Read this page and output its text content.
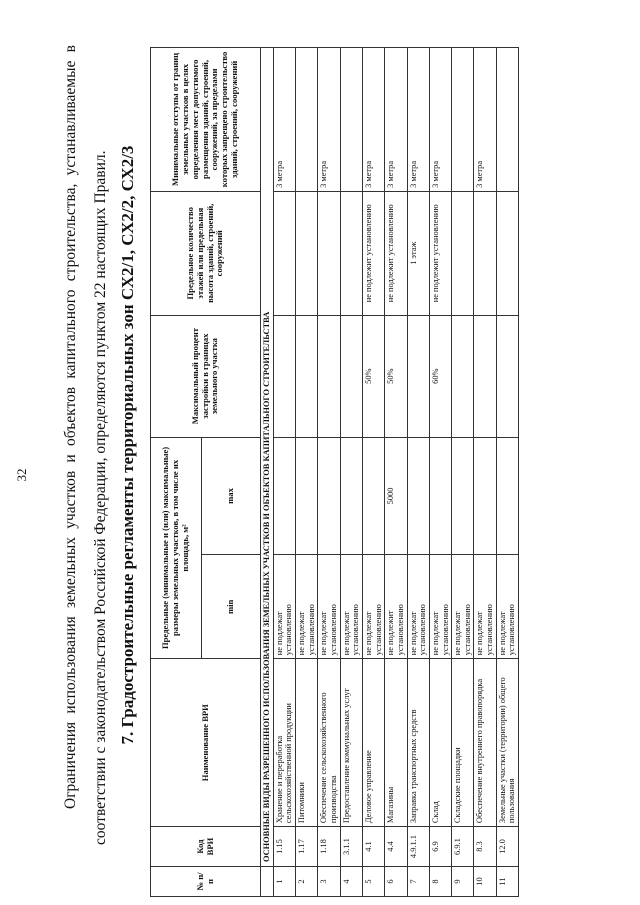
32	Ограничения использования земельных участков и объектов капитального строительства, устанавливаемые в соответствии с законодательством Российской Федерации, определяются пунктом 22 настоящих Правил. 7. Градостроительные регламенты территориальных зон СХ2/1, СХ2/2, СХ2/3
№ п/п	Код ВРИ	Наименование ВРИ	Предельные (минимальные и (или) максимальные) размеры земельных участков, в том числе их площадь, м²		Максимальный процент застройки в границах земельного участка	Предельное количество этажей или предельная высота зданий, строений, сооружений	Минимальные отступы от границ земельных участков в целях определения мест допустимого размещения зданий, строений, сооружений, за пределами которых запрещено строительство зданий, строений, сооружений
			min	max			
	ОСНОВНЫЕ ВИДЫ РАЗРЕШЕННОГО ИСПОЛЬЗОВАНИЯ ЗЕМЕЛЬНЫХ УЧАСТКОВ И ОБЪЕКТОВ КАПИТАЛЬНОГО СТРОИТЕЛЬСТВА						
1	1.15	Хранение и переработка сельскохозяйственной продукции	не подлежат установлению				3 метра
2	1.17	Питомники	не подлежат установлению				
3	1.18	Обеспечение сельскохозяйственного производства	не подлежат установлению				3 метра
4	3.1.1	Предоставление коммунальных услуг	не подлежат установлению				
5	4.1	Деловое управление	не подлежат установлению		50%	не подлежит установлению	3 метра
6	4.4	Магазины	не подлежит установлению	5000	50%	не подлежит установлению	3 метра
7	4.9.1.1	Заправка транспортных средств	не подлежат установлению			1 этаж	3 метра
8	6.9	Склад	не подлежат установлению		60%	не подлежит установлению	3 метра
9	6.9.1	Складские площадки	не подлежат установлению				
10	8.3	Обеспечение внутреннего правопорядка	не подлежат установлению				3 метра
11	12.0	Земельные участки (территории) общего пользования	не подлежат установлению				
